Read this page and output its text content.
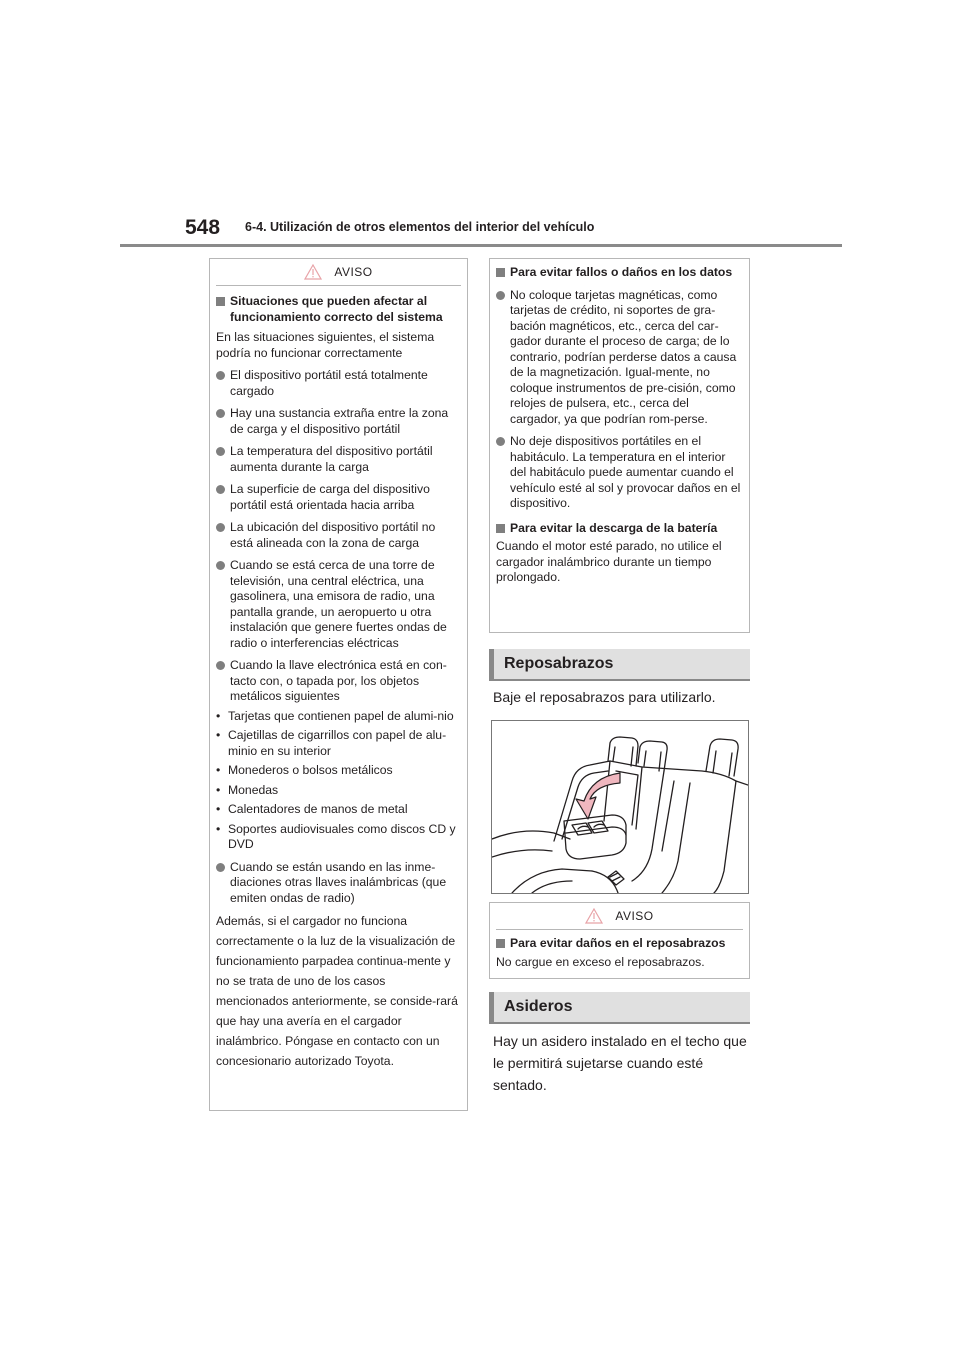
548 6-4. Utilización de otros elementos del interior del vehículo
AVISO
Situaciones que pueden afectar al funcionamiento correcto del sistema
En las situaciones siguientes, el sistema podría no funcionar correctamente
El dispositivo portátil está totalmente cargado
Hay una sustancia extraña entre la zona de carga y el dispositivo portátil
La temperatura del dispositivo portátil aumenta durante la carga
La superficie de carga del dispositivo portátil está orientada hacia arriba
La ubicación del dispositivo portátil no está alineada con la zona de carga
Cuando se está cerca de una torre de televisión, una central eléctrica, una gasolinera, una emisora de radio, una pantalla grande, un aeropuerto u otra instalación que genere fuertes ondas de radio o interferencias eléctricas
Cuando la llave electrónica está en con-tacto con, o tapada por, los objetos metálicos siguientes
• Tarjetas que contienen papel de alumi-nio
• Cajetillas de cigarrillos con papel de alu-minio en su interior
• Monederos o bolsos metálicos
• Monedas
• Calentadores de manos de metal
• Soportes audiovisuales como discos CD y DVD
Cuando se están usando en las inme-diaciones otras llaves inalámbricas (que emiten ondas de radio)
Además, si el cargador no funciona correctamente o la luz de la visualización de funcionamiento parpadea continua-mente y no se trata de uno de los casos mencionados anteriormente, se conside-rará que hay una avería en el cargador inalámbrico. Póngase en contacto con un concesionario autorizado Toyota.
Para evitar fallos o daños en los datos
No coloque tarjetas magnéticas, como tarjetas de crédito, ni soportes de gra-bación magnéticos, etc., cerca del car-gador durante el proceso de carga; de lo contrario, podrían perderse datos a causa de la magnetización. Igual-mente, no coloque instrumentos de pre-cisión, como relojes de pulsera, etc., cerca del cargador, ya que podrían rom-perse.
No deje dispositivos portátiles en el habitáculo. La temperatura en el interior del habitáculo puede aumentar cuando el vehículo esté al sol y provocar daños en el dispositivo.
Para evitar la descarga de la batería
Cuando el motor esté parado, no utilice el cargador inalámbrico durante un tiempo prolongado.
Reposabrazos
Baje el reposabrazos para utilizarlo.
AVISO
Para evitar daños en el reposabrazos
No cargue en exceso el reposabrazos.
Asideros
Hay un asidero instalado en el techo que le permitirá sujetarse cuando esté sentado.
